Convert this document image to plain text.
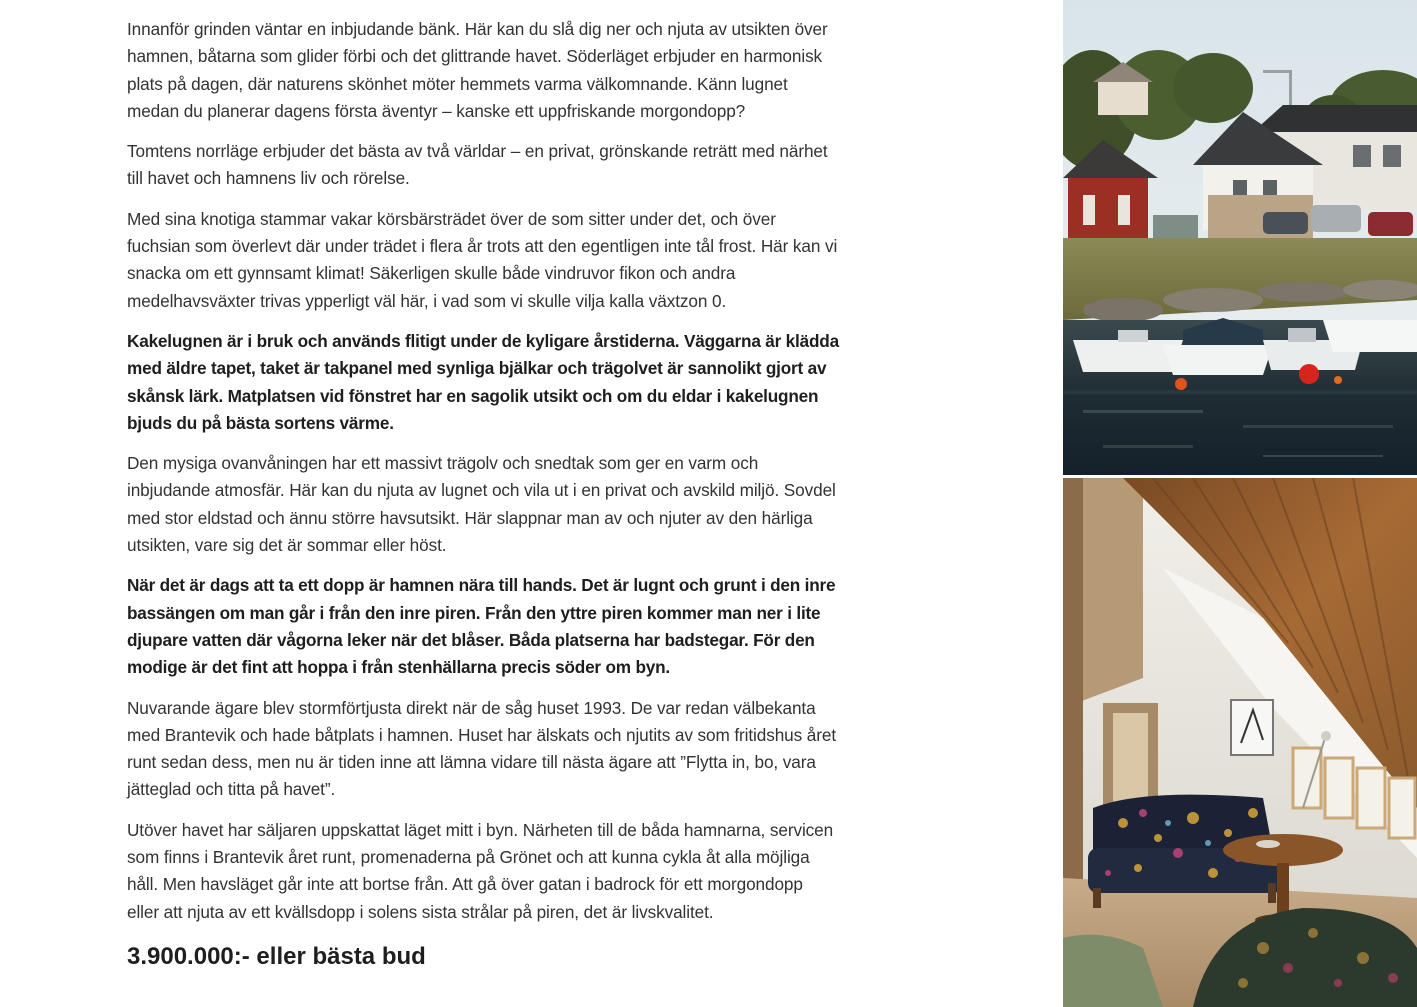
Innanför grinden väntar en inbjudande bänk. Här kan du slå dig ner och njuta av utsikten över hamnen, båtarna som glider förbi och det glittrande havet. Söderläget erbjuder en harmonisk plats på dagen, där naturens skönhet möter hemmets varma välkomnande. Känn lugnet medan du planerar dagens första äventyr – kanske ett uppfriskande morgondopp?

Tomtens norrläge erbjuder det bästa av två världar – en privat, grönskande reträtt med närhet till havet och hamnens liv och rörelse.

Med sina knotiga stammar vakar körsbärsträdet över de som sitter under det, och över fuchsian som överlevt där under trädet i flera år trots att den egentligen inte tål frost. Här kan vi snacka om ett gynnsamt klimat! Säkerligen skulle både vindruvor fikon och andra medelhavsväxter trivas ypperligt väl här, i vad som vi skulle vilja kalla växtzon 0.

Kakelugnen är i bruk och används flitigt under de kyligare årstiderna. Väggarna är klädda med äldre tapet, taket är takpanel med synliga bjälkar och trägolvet är sannolikt gjort av skånsk lärk. Matplatsen vid fönstret har en sagolik utsikt och om du eldar i kakelugnen bjuds du på bästa sortens värme.

Den mysiga ovanvåningen har ett massivt trägolv och snedtak som ger en varm och inbjudande atmosfär. Här kan du njuta av lugnet och vila ut i en privat och avskild miljö. Sovdel med stor eldstad och ännu större havsutsikt. Här slappnar man av och njuter av den härliga utsikten, vare sig det är sommar eller höst.

När det är dags att ta ett dopp är hamnen nära till hands. Det är lugnt och grunt i den inre bassängen om man går i från den inre piren. Från den yttre piren kommer man ner i lite djupare vatten där vågorna leker när det blåser. Båda platserna har badstegar. För den modige är det fint att hoppa i från stenhällarna precis söder om byn.

Nuvarande ägare blev stormförtjusta direkt när de såg huset 1993. De var redan välbekanta med Brantevik och hade båtplats i hamnen. Huset har älskats och njutits av som fritidshus året runt sedan dess, men nu är tiden inne att lämna vidare till nästa ägare att ”Flytta in, bo, vara jätteglad och titta på havet”.

Utöver havet har säljaren uppskattat läget mitt i byn. Närheten till de båda hamnarna, servicen som finns i Brantevik året runt, promenaderna på Grönet och att kunna cykla åt alla möjliga håll. Men havsläget går inte att bortse från. Att gå över gatan i badrock för ett morgondopp eller att njuta av ett kvällsdopp i solens sista strålar på piren, det är livskvalitet.

3.900.000:- eller bästa bud
